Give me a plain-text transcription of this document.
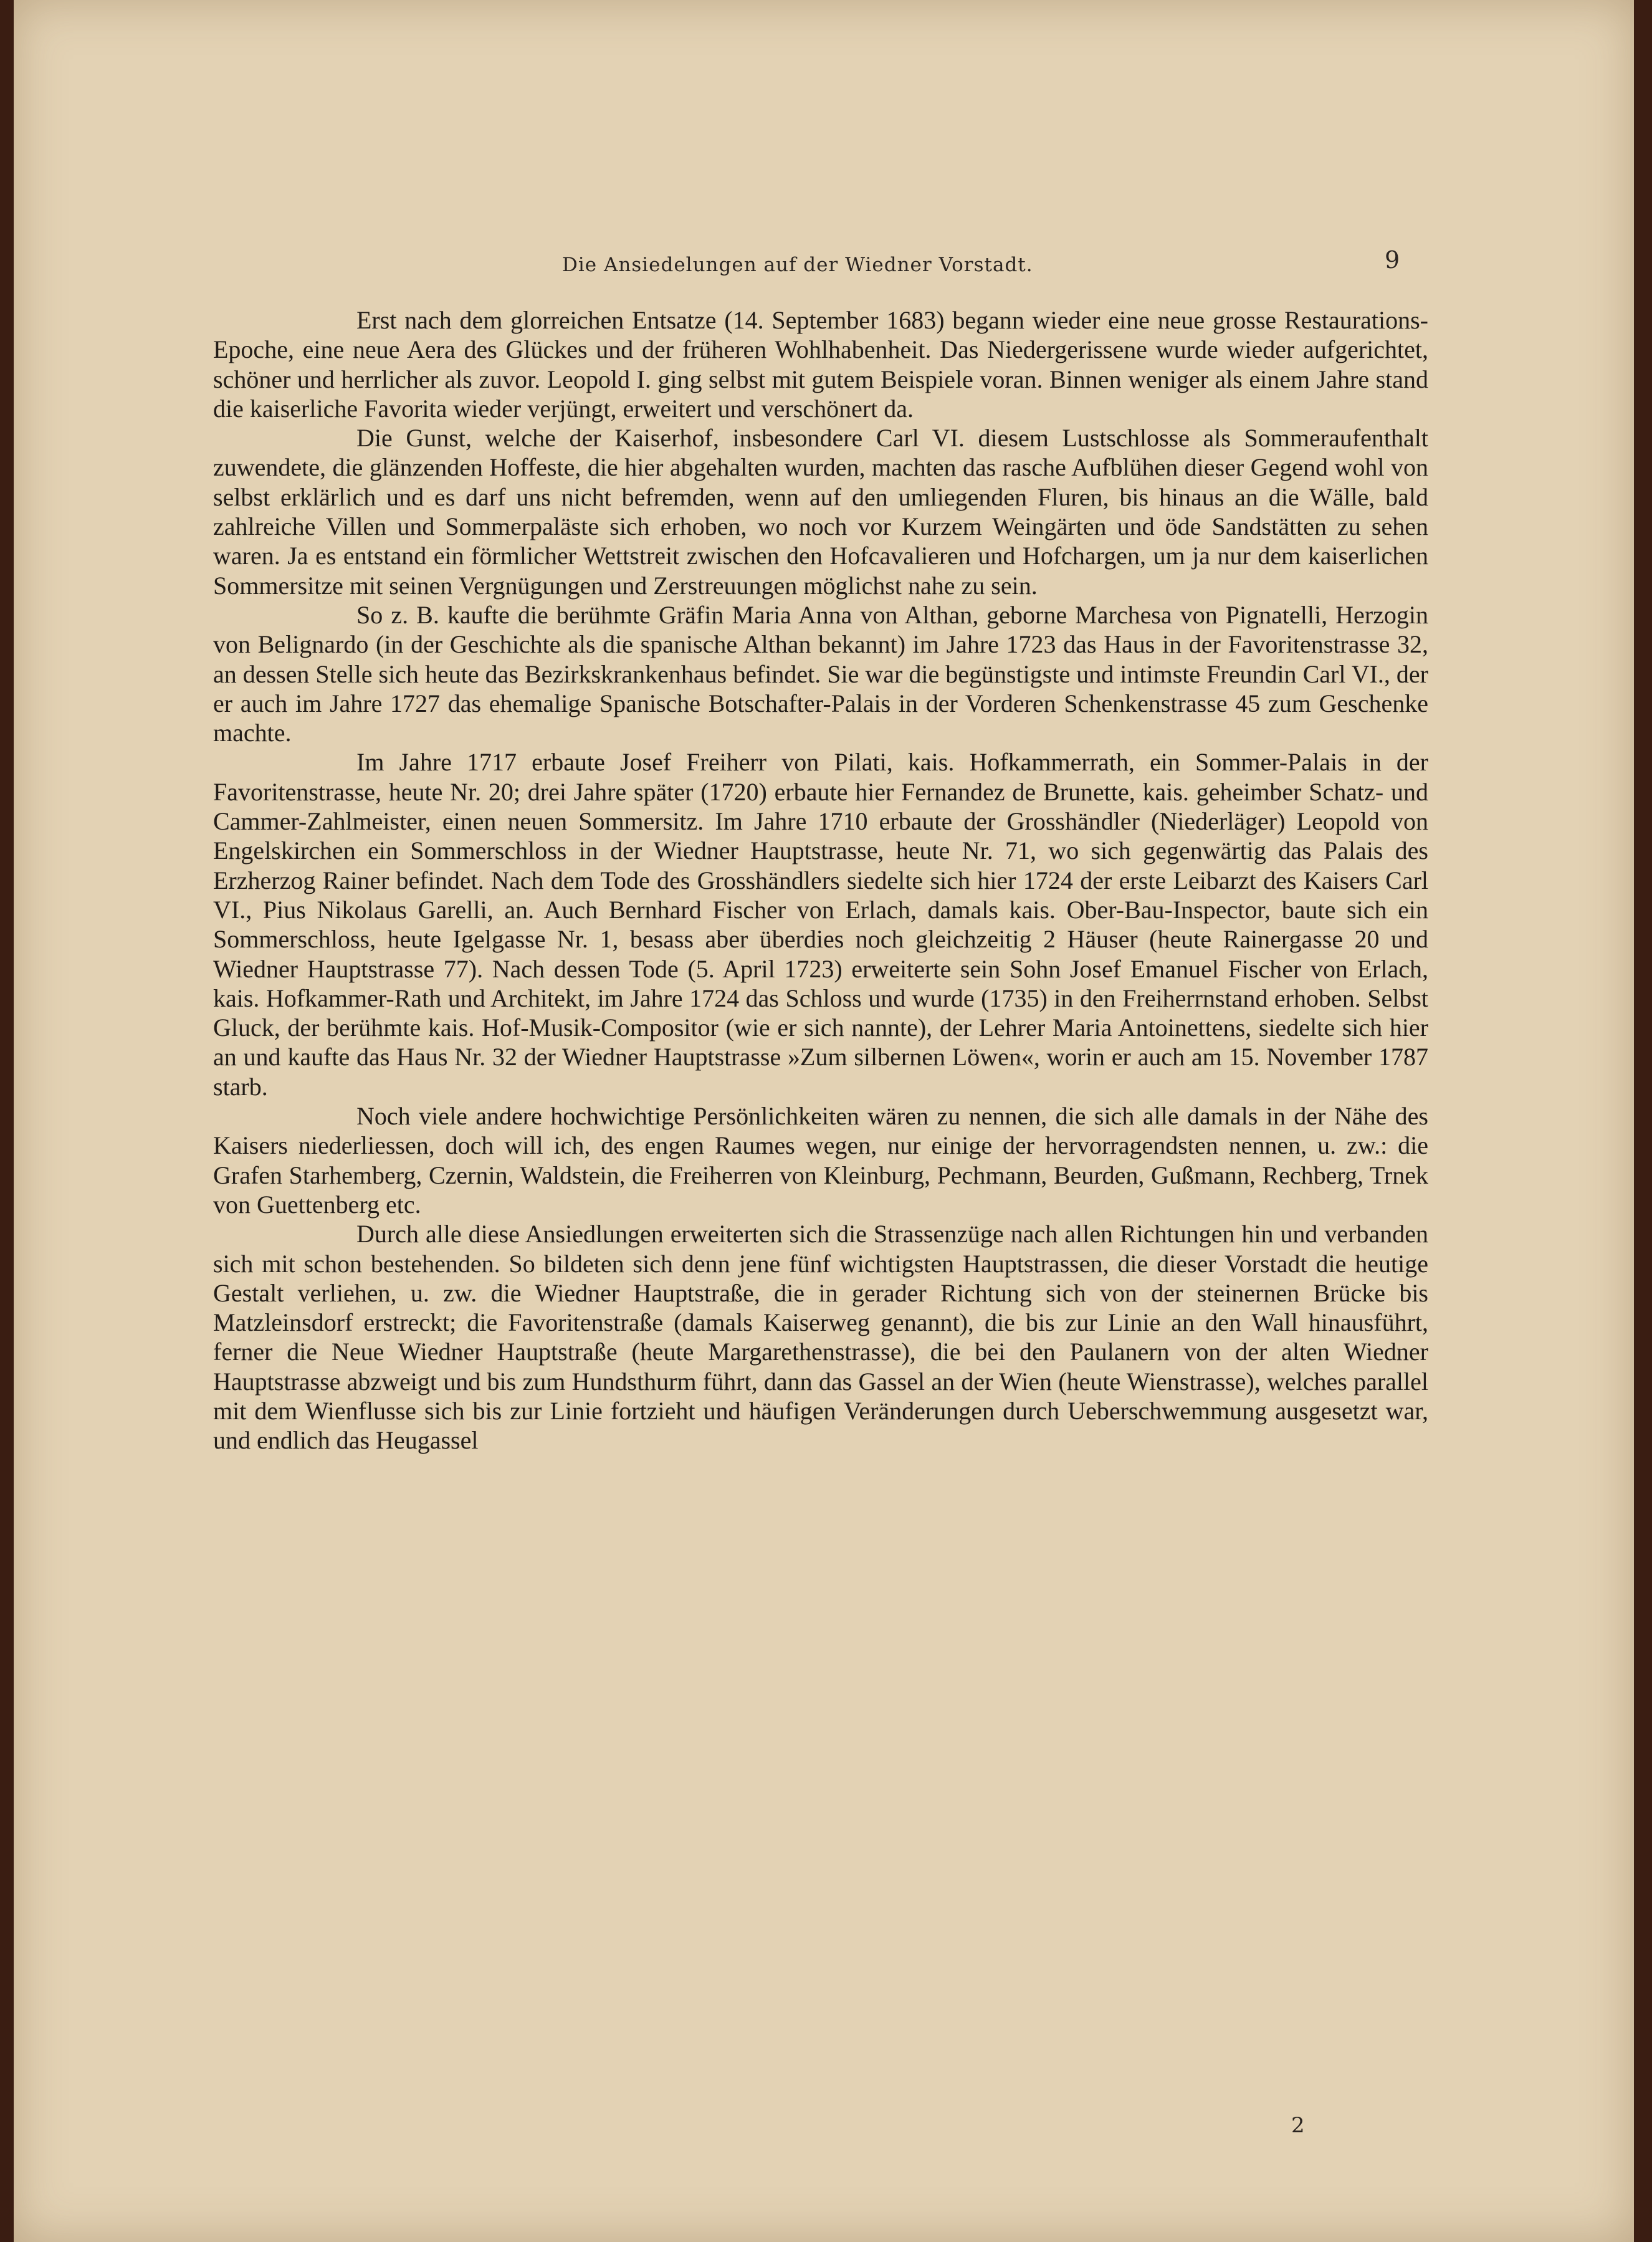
Die Ansiedelungen auf der Wiedner Vorstadt.	9

Erst nach dem glorreichen Entsatze (14. September 1683) begann wieder eine neue grosse Restaurations-Epoche, eine neue Aera des Glückes und der früheren Wohlhabenheit. Das Niedergerissene wurde wieder aufgerichtet, schöner und herrlicher als zuvor. Leopold I. ging selbst mit gutem Beispiele voran. Binnen weniger als einem Jahre stand die kaiserliche Favorita wieder verjüngt, erweitert und verschönert da.

Die Gunst, welche der Kaiserhof, insbesondere Carl VI. diesem Lustschlosse als Sommeraufenthalt zuwendete, die glänzenden Hoffeste, die hier abgehalten wurden, machten das rasche Aufblühen dieser Gegend wohl von selbst erklärlich und es darf uns nicht befremden, wenn auf den umliegenden Fluren, bis hinaus an die Wälle, bald zahlreiche Villen und Sommerpaläste sich erhoben, wo noch vor Kurzem Weingärten und öde Sandstätten zu sehen waren. Ja es entstand ein förmlicher Wettstreit zwischen den Hofcavalieren und Hofchargen, um ja nur dem kaiserlichen Sommersitze mit seinen Vergnügungen und Zerstreuungen möglichst nahe zu sein.

So z. B. kaufte die berühmte Gräfin Maria Anna von Althan, geborne Marchesa von Pignatelli, Herzogin von Belignardo (in der Geschichte als die spanische Althan bekannt) im Jahre 1723 das Haus in der Favoritenstrasse 32, an dessen Stelle sich heute das Bezirkskrankenhaus befindet. Sie war die begünstigste und intimste Freundin Carl VI., der er auch im Jahre 1727 das ehemalige Spanische Botschafter-Palais in der Vorderen Schenkenstrasse 45 zum Geschenke machte.

Im Jahre 1717 erbaute Josef Freiherr von Pilati, kais. Hofkammerrath, ein Sommer-Palais in der Favoritenstrasse, heute Nr. 20; drei Jahre später (1720) erbaute hier Fernandez de Brunette, kais. geheimber Schatz- und Cammer-Zahlmeister, einen neuen Sommersitz. Im Jahre 1710 erbaute der Grosshändler (Niederläger) Leopold von Engelskirchen ein Sommerschloss in der Wiedner Hauptstrasse, heute Nr. 71, wo sich gegenwärtig das Palais des Erzherzog Rainer befindet. Nach dem Tode des Grosshändlers siedelte sich hier 1724 der erste Leibarzt des Kaisers Carl VI., Pius Nikolaus Garelli, an. Auch Bernhard Fischer von Erlach, damals kais. Ober-Bau-Inspector, baute sich ein Sommerschloss, heute Igelgasse Nr. 1, besass aber überdies noch gleichzeitig 2 Häuser (heute Rainergasse 20 und Wiedner Hauptstrasse 77). Nach dessen Tode (5. April 1723) erweiterte sein Sohn Josef Emanuel Fischer von Erlach, kais. Hofkammer-Rath und Architekt, im Jahre 1724 das Schloss und wurde (1735) in den Freiherrnstand erhoben. Selbst Gluck, der berühmte kais. Hof-Musik-Compositor (wie er sich nannte), der Lehrer Maria Antoinettens, siedelte sich hier an und kaufte das Haus Nr. 32 der Wiedner Hauptstrasse »Zum silbernen Löwen«, worin er auch am 15. November 1787 starb.

Noch viele andere hochwichtige Persönlichkeiten wären zu nennen, die sich alle damals in der Nähe des Kaisers niederliessen, doch will ich, des engen Raumes wegen, nur einige der hervorragendsten nennen, u. zw.: die Grafen Starhemberg, Czernin, Waldstein, die Freiherren von Kleinburg, Pechmann, Beurden, Gußmann, Rechberg, Trnek von Guettenberg etc.

Durch alle diese Ansiedlungen erweiterten sich die Strassenzüge nach allen Richtungen hin und verbanden sich mit schon bestehenden. So bildeten sich denn jene fünf wichtigsten Hauptstrassen, die dieser Vorstadt die heutige Gestalt verliehen, u. zw. die Wiedner Hauptstraße, die in gerader Richtung sich von der steinernen Brücke bis Matzleinsdorf erstreckt; die Favoritenstraße (damals Kaiserweg genannt), die bis zur Linie an den Wall hinausführt, ferner die Neue Wiedner Hauptstraße (heute Margarethenstrasse), die bei den Paulanern von der alten Wiedner Hauptstrasse abzweigt und bis zum Hundsthurm führt, dann das Gassel an der Wien (heute Wienstrasse), welches parallel mit dem Wienflusse sich bis zur Linie fortzieht und häufigen Veränderungen durch Ueberschwemmung ausgesetzt war, und endlich das Heugassel

2
